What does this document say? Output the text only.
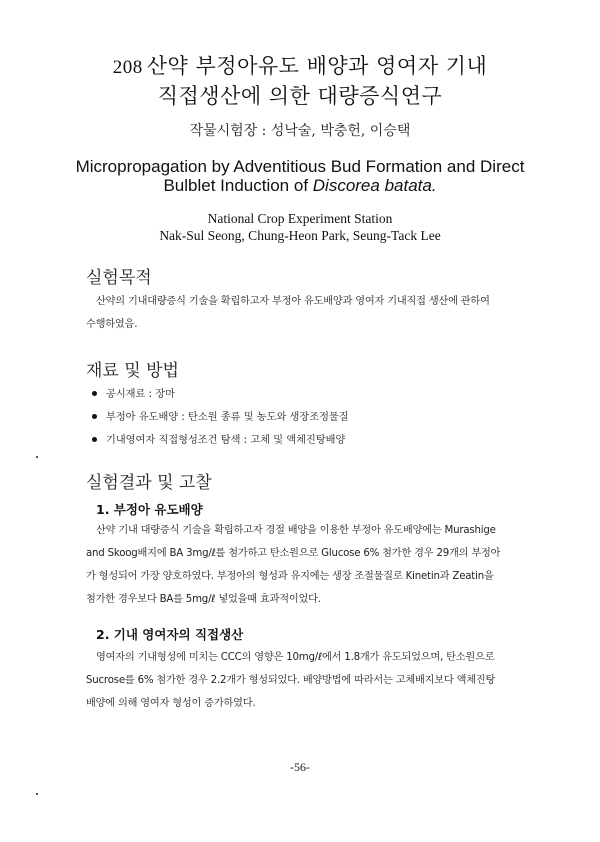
208 산약 부정아유도 배양과 영여자 기내
직접생산에 의한 대량증식연구
작물시험장 : 성낙술, 박충헌, 이승택
Micropropagation by Adventitious Bud Formation and Direct
Bulblet Induction of Discorea batata.
National Crop Experiment Station
Nak-Sul Seong, Chung-Heon Park, Seung-Tack Lee
실험목적
산약의 기내대량증식 기술을 확립하고자 부정아 유도배양과 영여자 기내직접 생산에 관하여
수행하였음.
재료 및 방법
공시재료 : 장마
부정아 유도배양 : 탄소원 종류 및 농도와 생장조정물질
기내영여자 직접형성조건 탐색 : 고체 및 액체진탕배양
실험결과 및 고찰
1. 부정아 유도배양
산약 기내 대량증식 기술을 확립하고자 경절 배양을 이용한 부정아 유도배양에는 Murashige
and Skoog배지에 BA 3mg/ℓ를 첨가하고 탄소원으로 Glucose 6% 첨가한 경우 29개의 부정아
가 형성되어 가장 양호하였다. 부정아의 형성과 유지에는 생장 조절물질로 Kinetin과 Zeatin을
첨가한 경우보다 BA를 5mg/ℓ 넣었을때 효과적이었다.
2. 기내 영여자의 직접생산
영여자의 기내형성에 미치는 CCC의 영향은 10mg/ℓ에서 1.8개가 유도되었으며, 탄소원으로
Sucrose를 6% 첨가한 경우 2.2개가 형성되었다. 배양방법에 따라서는 고체배지보다 액체진탕
배양에 의해 영여자 형성이 증가하였다.
-56-
